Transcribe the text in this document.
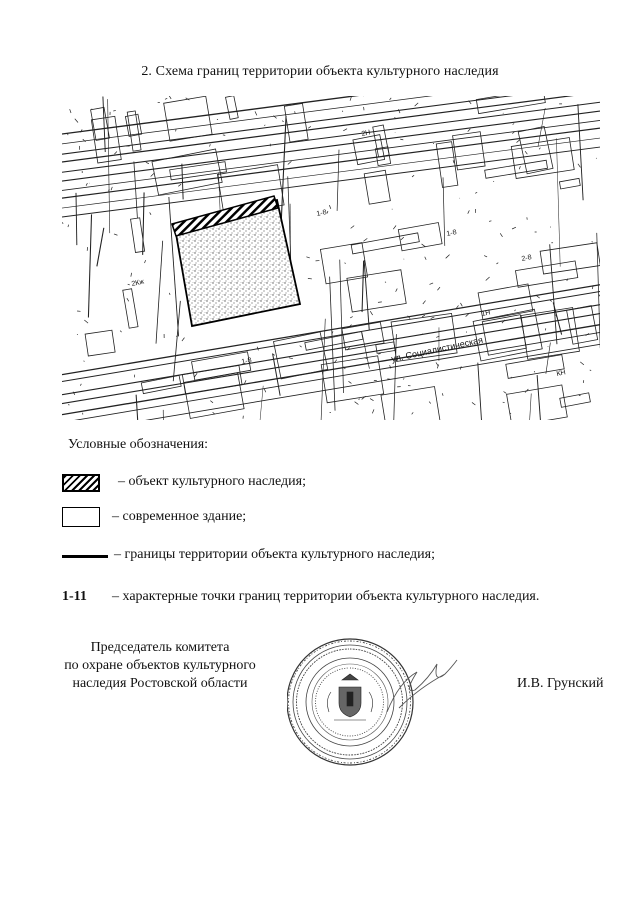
2. Схема границ территории объекта культурного наследия
1-8
1-8
2-8
2Кж
1Н
2Н
КН
1-8	ул. Социалистическая
Условные обозначения:
– объект культурного наследия;
– современное здание;
– границы территории объекта культурного наследия;
1-11 – характерные точки границ территории объекта культурного наследия.
Председатель комитета
по охране объектов культурного
наследия Ростовской области	И.В. Грунский
